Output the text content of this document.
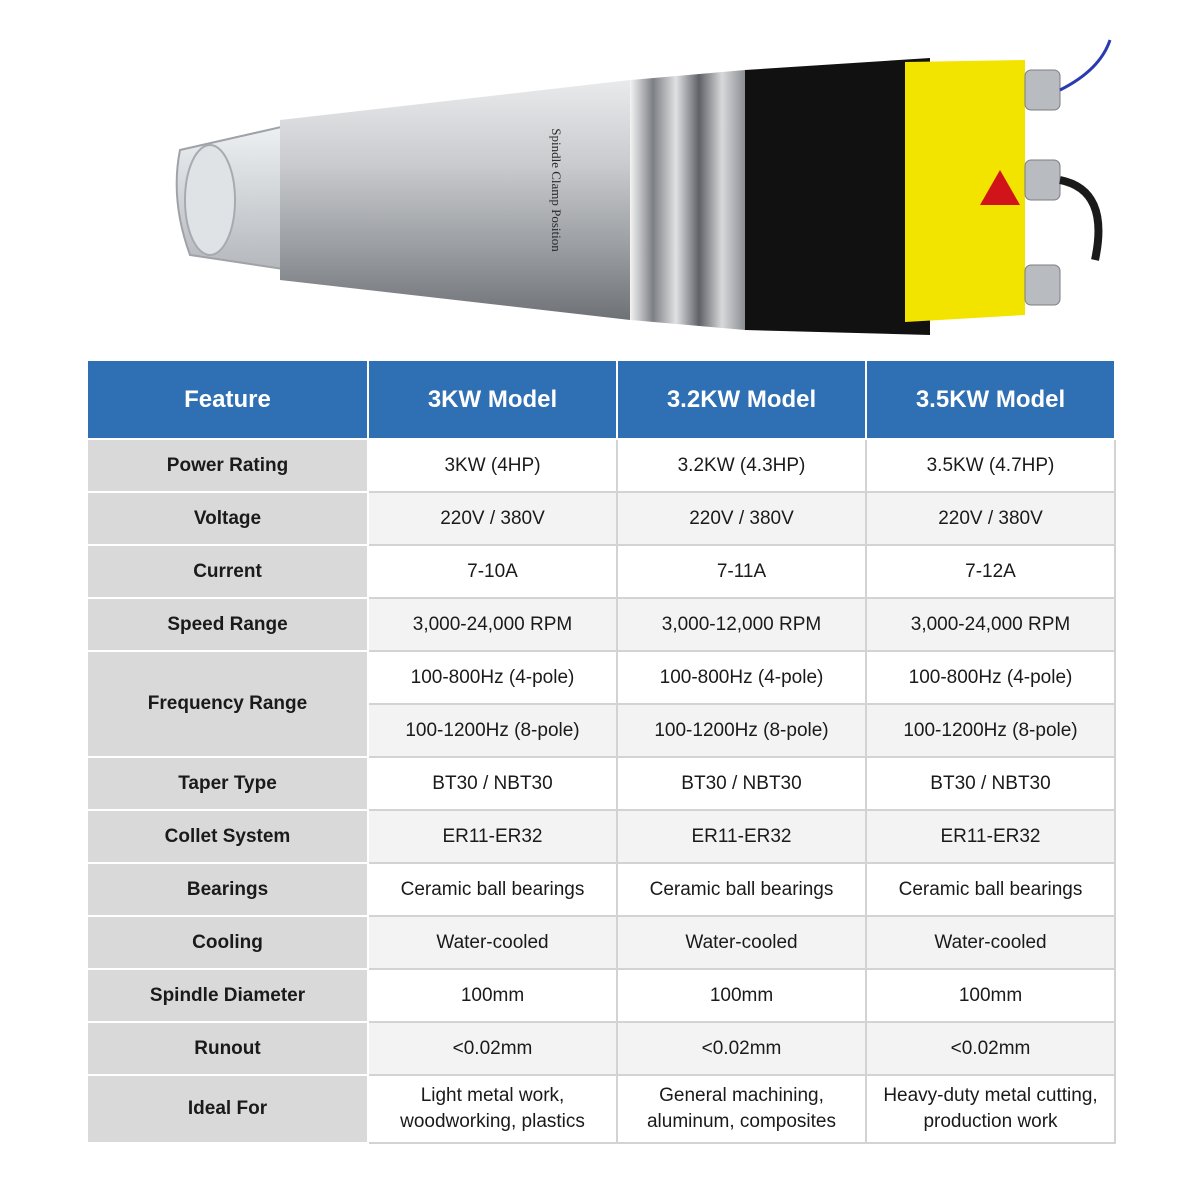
Spindle Clamp Position
Feature	3KW Model	3.2KW Model	3.5KW Model
Power Rating	3KW (4HP)	3.2KW (4.3HP)	3.5KW (4.7HP)
Voltage	220V / 380V	220V / 380V	220V / 380V
Current	7-10A	7-11A	7-12A
Speed Range	3,000-24,000 RPM	3,000-12,000 RPM	3,000-24,000 RPM
Frequency Range	100-800Hz (4-pole)	100-800Hz (4-pole)	100-800Hz (4-pole)
	100-1200Hz (8-pole)	100-1200Hz (8-pole)	100-1200Hz (8-pole)
Taper Type	BT30 / NBT30	BT30 / NBT30	BT30 / NBT30
Collet System	ER11-ER32	ER11-ER32	ER11-ER32
Bearings	Ceramic ball bearings	Ceramic ball bearings	Ceramic ball bearings
Cooling	Water-cooled	Water-cooled	Water-cooled
Spindle Diameter	100mm	100mm	100mm
Runout	<0.02mm	<0.02mm	<0.02mm
Ideal For	Light metal work, woodworking, plastics	General machining, aluminum, composites	Heavy-duty metal cutting, production work
